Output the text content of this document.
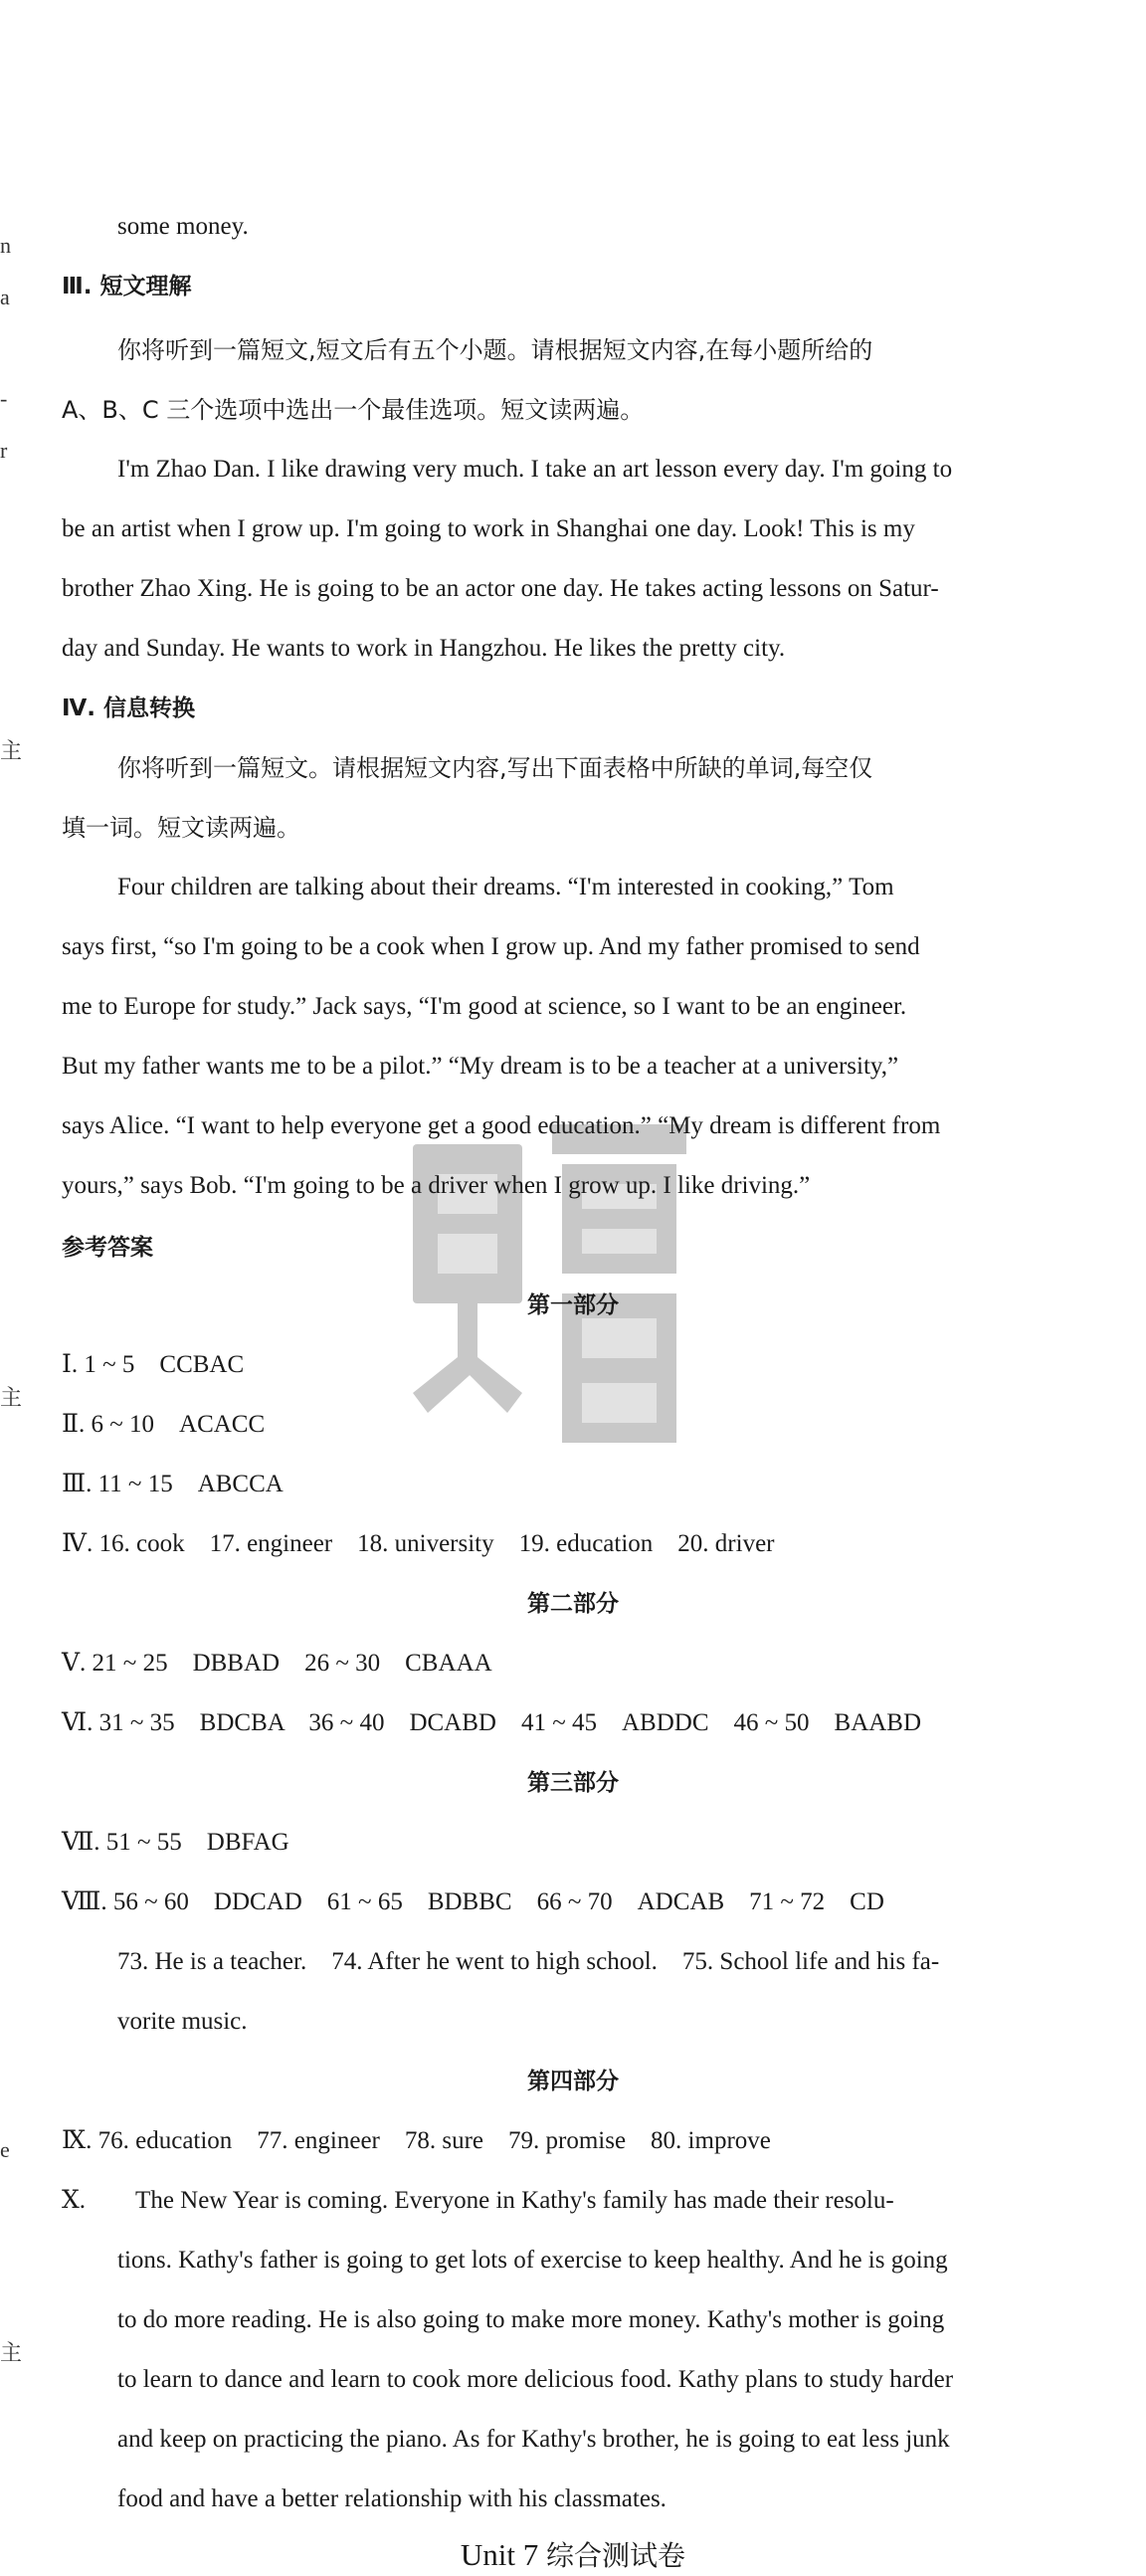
n
a
-
r
主
主
e
主
some money.
Ⅲ. 短文理解
你将听到一篇短文,短文后有五个小题。请根据短文内容,在每小题所给的
A、B、C 三个选项中选出一个最佳选项。短文读两遍。
I'm Zhao Dan. I like drawing very much. I take an art lesson every day. I'm going to
be an artist when I grow up. I'm going to work in Shanghai one day. Look! This is my
brother Zhao Xing. He is going to be an actor one day. He takes acting lessons on Satur-
day and Sunday. He wants to work in Hangzhou. He likes the pretty city.
Ⅳ. 信息转换
你将听到一篇短文。请根据短文内容,写出下面表格中所缺的单词,每空仅
填一词。短文读两遍。
Four children are talking about their dreams. “I'm interested in cooking,” Tom
says first, “so I'm going to be a cook when I grow up. And my father promised to send
me to Europe for study.” Jack says, “I'm good at science, so I want to be an engineer.
But my father wants me to be a pilot.” “My dream is to be a teacher at a university,”
says Alice. “I want to help everyone get a good education.” “My dream is different from
yours,” says Bob. “I'm going to be a driver when I grow up. I like driving.”
参考答案
第一部分
Ⅰ. 1 ~ 5　CCBAC
Ⅱ. 6 ~ 10　ACACC
Ⅲ. 11 ~ 15　ABCCA
Ⅳ. 16. cook　17. engineer　18. university　19. education　20. driver
第二部分
Ⅴ. 21 ~ 25　DBBAD　26 ~ 30　CBAAA
Ⅵ. 31 ~ 35　BDCBA　36 ~ 40　DCABD　41 ~ 45　ABDDC　46 ~ 50　BAABD
第三部分
Ⅶ. 51 ~ 55　DBFAG
Ⅷ. 56 ~ 60　DDCAD　61 ~ 65　BDBBC　66 ~ 70　ADCAB　71 ~ 72　CD
73. He is a teacher.　74. After he went to high school.　75. School life and his fa-
vorite music.
第四部分
Ⅸ. 76. education　77. engineer　78. sure　79. promise　80. improve
Ⅹ.　　The New Year is coming. Everyone in Kathy's family has made their resolu-
tions. Kathy's father is going to get lots of exercise to keep healthy. And he is going
to do more reading. He is also going to make more money. Kathy's mother is going
to learn to dance and learn to cook more delicious food. Kathy plans to study harder
and keep on practicing the piano. As for Kathy's brother, he is going to eat less junk
food and have a better relationship with his classmates.
Unit 7 综合测试卷
